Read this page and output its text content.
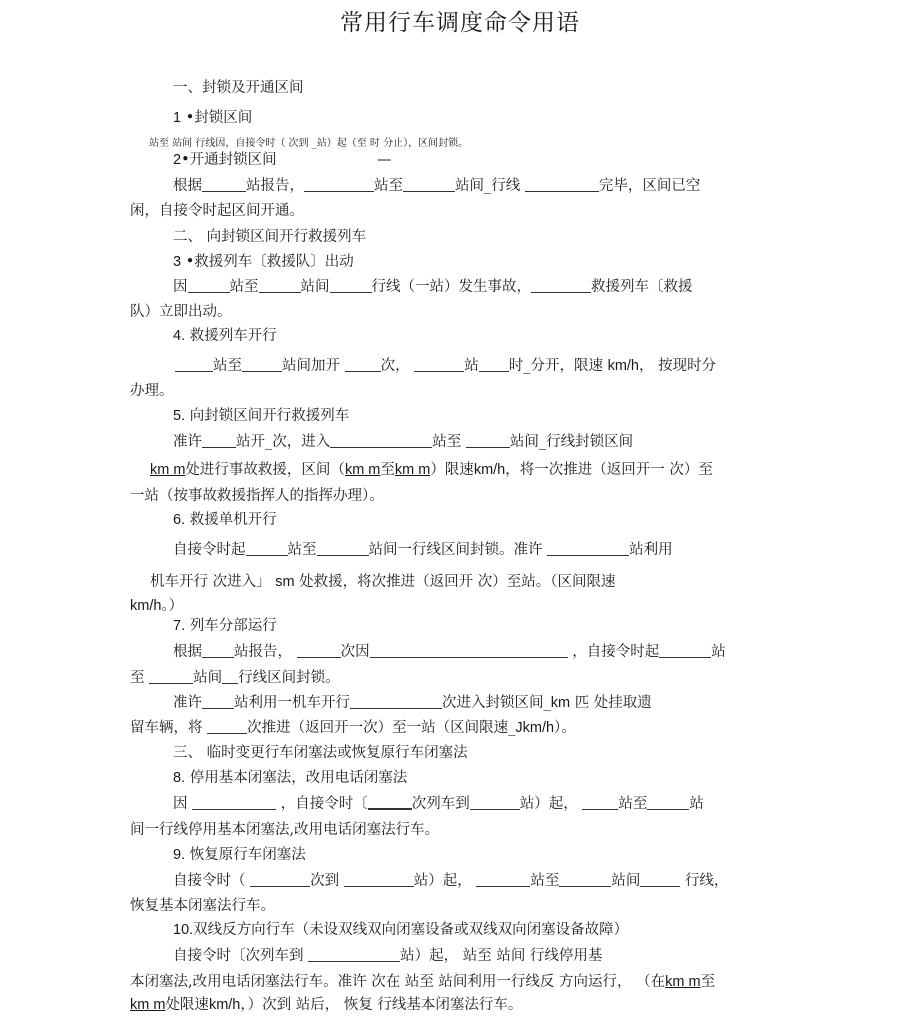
常用行车调度命令用语
一、封锁及开通区间
1 •封锁区间
站至 站间 行线因，自接令时（ 次到 _站）起（至 时 分止），区间封锁。
2•开通封锁区间	—
根据	站报告，	站至	站间_行线	完毕，区间已空
闲，自接令时起区间开通。
二、 向封锁区间开行救援列车
3 •救援列车〔救援队〕出动
因	站至	站间	行线（一站）发生事故，	救援列车〔救援
队）立即出动。
4. 救援列车开行
站至	站间加开	次，	站 时_分开，限速 km/h， 按现时分
办理。
5. 向封锁区间开行救援列车
准许 站开_次，进入	站至	站间_行线封锁区间
km m处进行事故救援，区间（km m至km m）限速km/h，将一次推进（返回开一 次）至
一站（按事故救援指挥人的指挥办理）。
6. 救援单机开行
自接令时起	站至	站间一行线区间封锁。准许	站利用
机车开行 次进入」 sm 处救援，将次推进（返回开 次）至站。（区间限速
km/h。）
7. 列车分部运行
根据 站报告，	次因	，自接令时起	站
至	站间 行线区间封锁。
准许 站利用一机车开行	次进入封锁区间_km 匹 处挂取遗
留车辆，将	次推进（返回开一次）至一站（区间限速_Jkm/h）。
三、 临时变更行车闭塞法或恢复原行车闭塞法
8. 停用基本闭塞法，改用电话闭塞法
因	，自接令时〔	次列车到	站）起，	站至	站
间一行线停用基本闭塞法,改用电话闭塞法行车。
9. 恢复原行车闭塞法
自接令时（	次到	站）起，	站至	站间	行线，
恢复基本闭塞法行车。
10.双线反方向行车（未设双线双向闭塞设备或双线双向闭塞设备故障）
自接令时〔次列车到	站）起， 站至 站间 行线停用基
本闭塞法,改用电话闭塞法行车。准许 次在 站至 站间利用一行线反 方向运行， （在km m至
km m处限速km/h，）次到 站后， 恢复 行线基本闭塞法行车。
